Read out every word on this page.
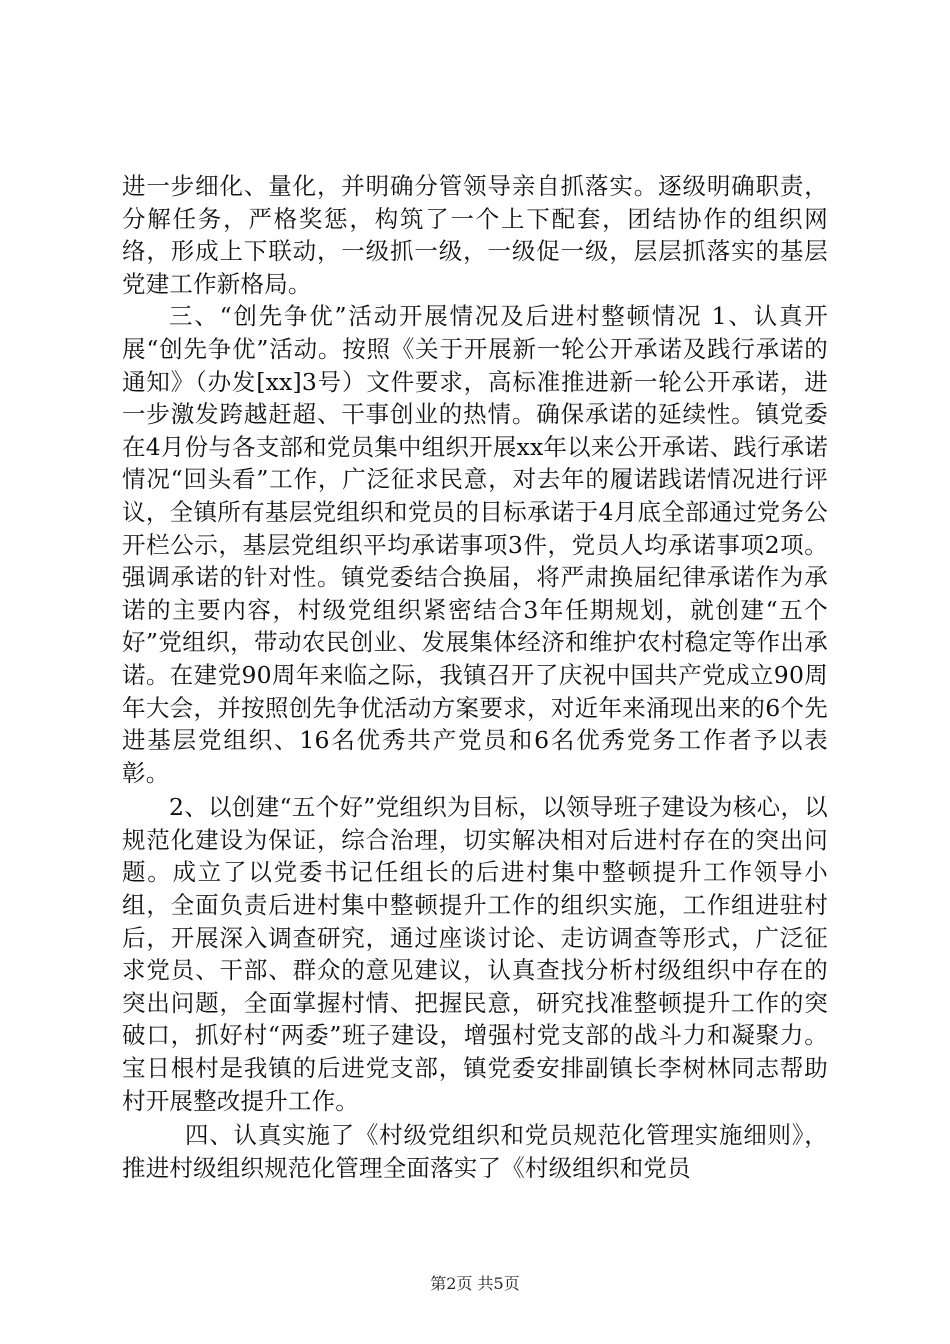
进一步细化、量化，并明确分管领导亲自抓落实。逐级明确职责，分解任务，严格奖惩，构筑了一个上下配套，团结协作的组织网络，形成上下联动，一级抓一级，一级促一级，层层抓落实的基层党建工作新格局。

三、“创先争优”活动开展情况及后进村整顿情况 1、认真开展“创先争优”活动。按照《关于开展新一轮公开承诺及践行承诺的通知》（办发[xx]3号）文件要求，高标准推进新一轮公开承诺，进一步激发跨越赶超、干事创业的热情。确保承诺的延续性。镇党委在4月份与各支部和党员集中组织开展xx年以来公开承诺、践行承诺情况“回头看”工作，广泛征求民意，对去年的履诺践诺情况进行评议，全镇所有基层党组织和党员的目标承诺于4月底全部通过党务公开栏公示，基层党组织平均承诺事项3件，党员人均承诺事项2项。强调承诺的针对性。镇党委结合换届，将严肃换届纪律承诺作为承诺的主要内容，村级党组织紧密结合3年任期规划，就创建“五个好”党组织，带动农民创业、发展集体经济和维护农村稳定等作出承诺。在建党90周年来临之际，我镇召开了庆祝中国共产党成立90周年大会，并按照创先争优活动方案要求，对近年来涌现出来的6个先进基层党组织、16名优秀共产党员和6名优秀党务工作者予以表彰。

2、以创建“五个好”党组织为目标，以领导班子建设为核心，以规范化建设为保证，综合治理，切实解决相对后进村存在的突出问题。成立了以党委书记任组长的后进村集中整顿提升工作领导小组，全面负责后进村集中整顿提升工作的组织实施，工作组进驻村后，开展深入调查研究，通过座谈讨论、走访调查等形式，广泛征求党员、干部、群众的意见建议，认真查找分析村级组织中存在的突出问题，全面掌握村情、把握民意，研究找准整顿提升工作的突破口，抓好村“两委”班子建设，增强村党支部的战斗力和凝聚力。宝日根村是我镇的后进党支部，镇党委安排副镇长李树林同志帮助村开展整改提升工作。

四、认真实施了《村级党组织和党员规范化管理实施细则》，推进村级组织规范化管理全面落实了《村级组织和党员

第2页 共5页
